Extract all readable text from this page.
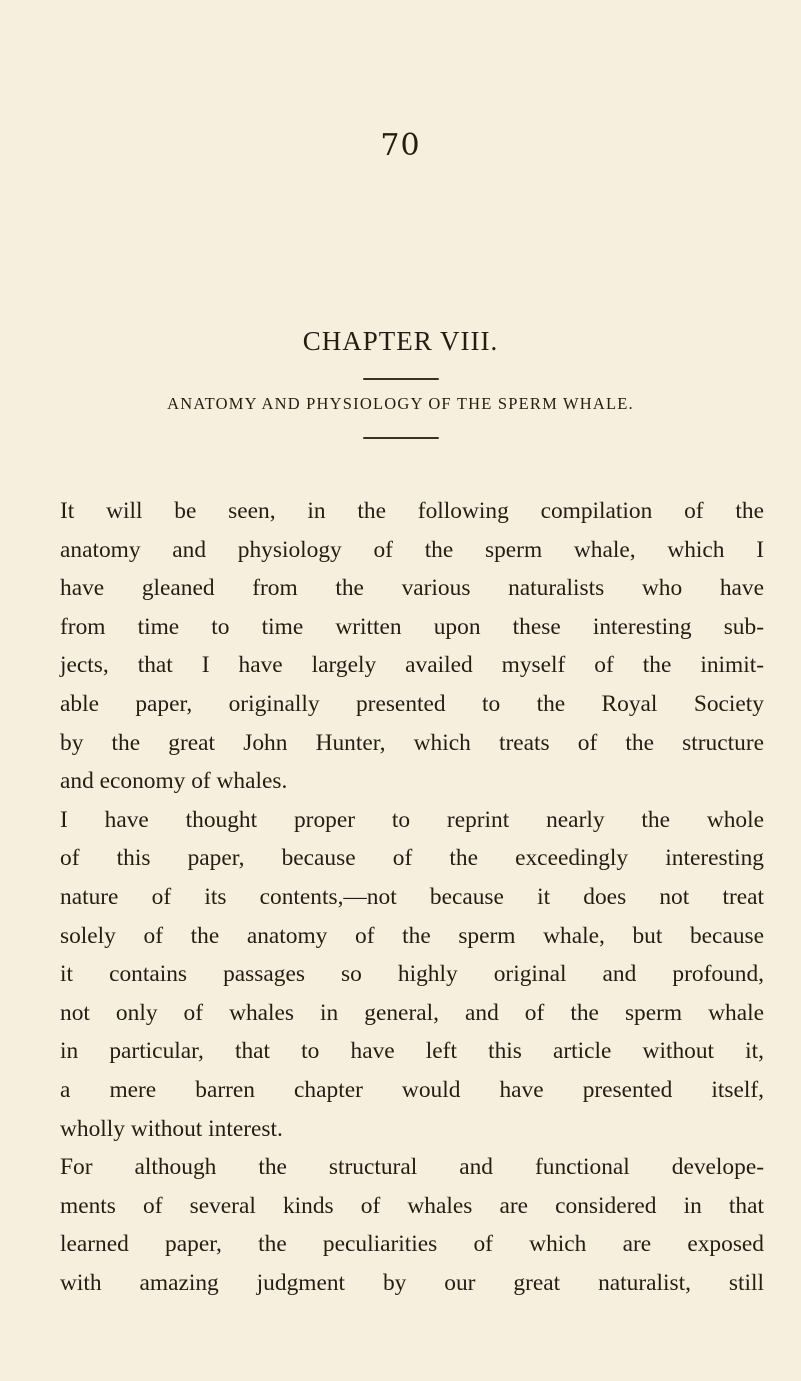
70
CHAPTER VIII.
ANATOMY AND PHYSIOLOGY OF THE SPERM WHALE.
It will be seen, in the following compilation of the
anatomy and physiology of the sperm whale, which I
have gleaned from the various naturalists who have
from time to time written upon these interesting sub-
jects, that I have largely availed myself of the inimit-
able paper, originally presented to the Royal Society
by the great John Hunter, which treats of the structure
and economy of whales.
I have thought proper to reprint nearly the whole
of this paper, because of the exceedingly interesting
nature of its contents,—not because it does not treat
solely of the anatomy of the sperm whale, but because
it contains passages so highly original and profound,
not only of whales in general, and of the sperm whale
in particular, that to have left this article without it,
a mere barren chapter would have presented itself,
wholly without interest.
For although the structural and functional develope-
ments of several kinds of whales are considered in that
learned paper, the peculiarities of which are exposed
with amazing judgment by our great naturalist, still
